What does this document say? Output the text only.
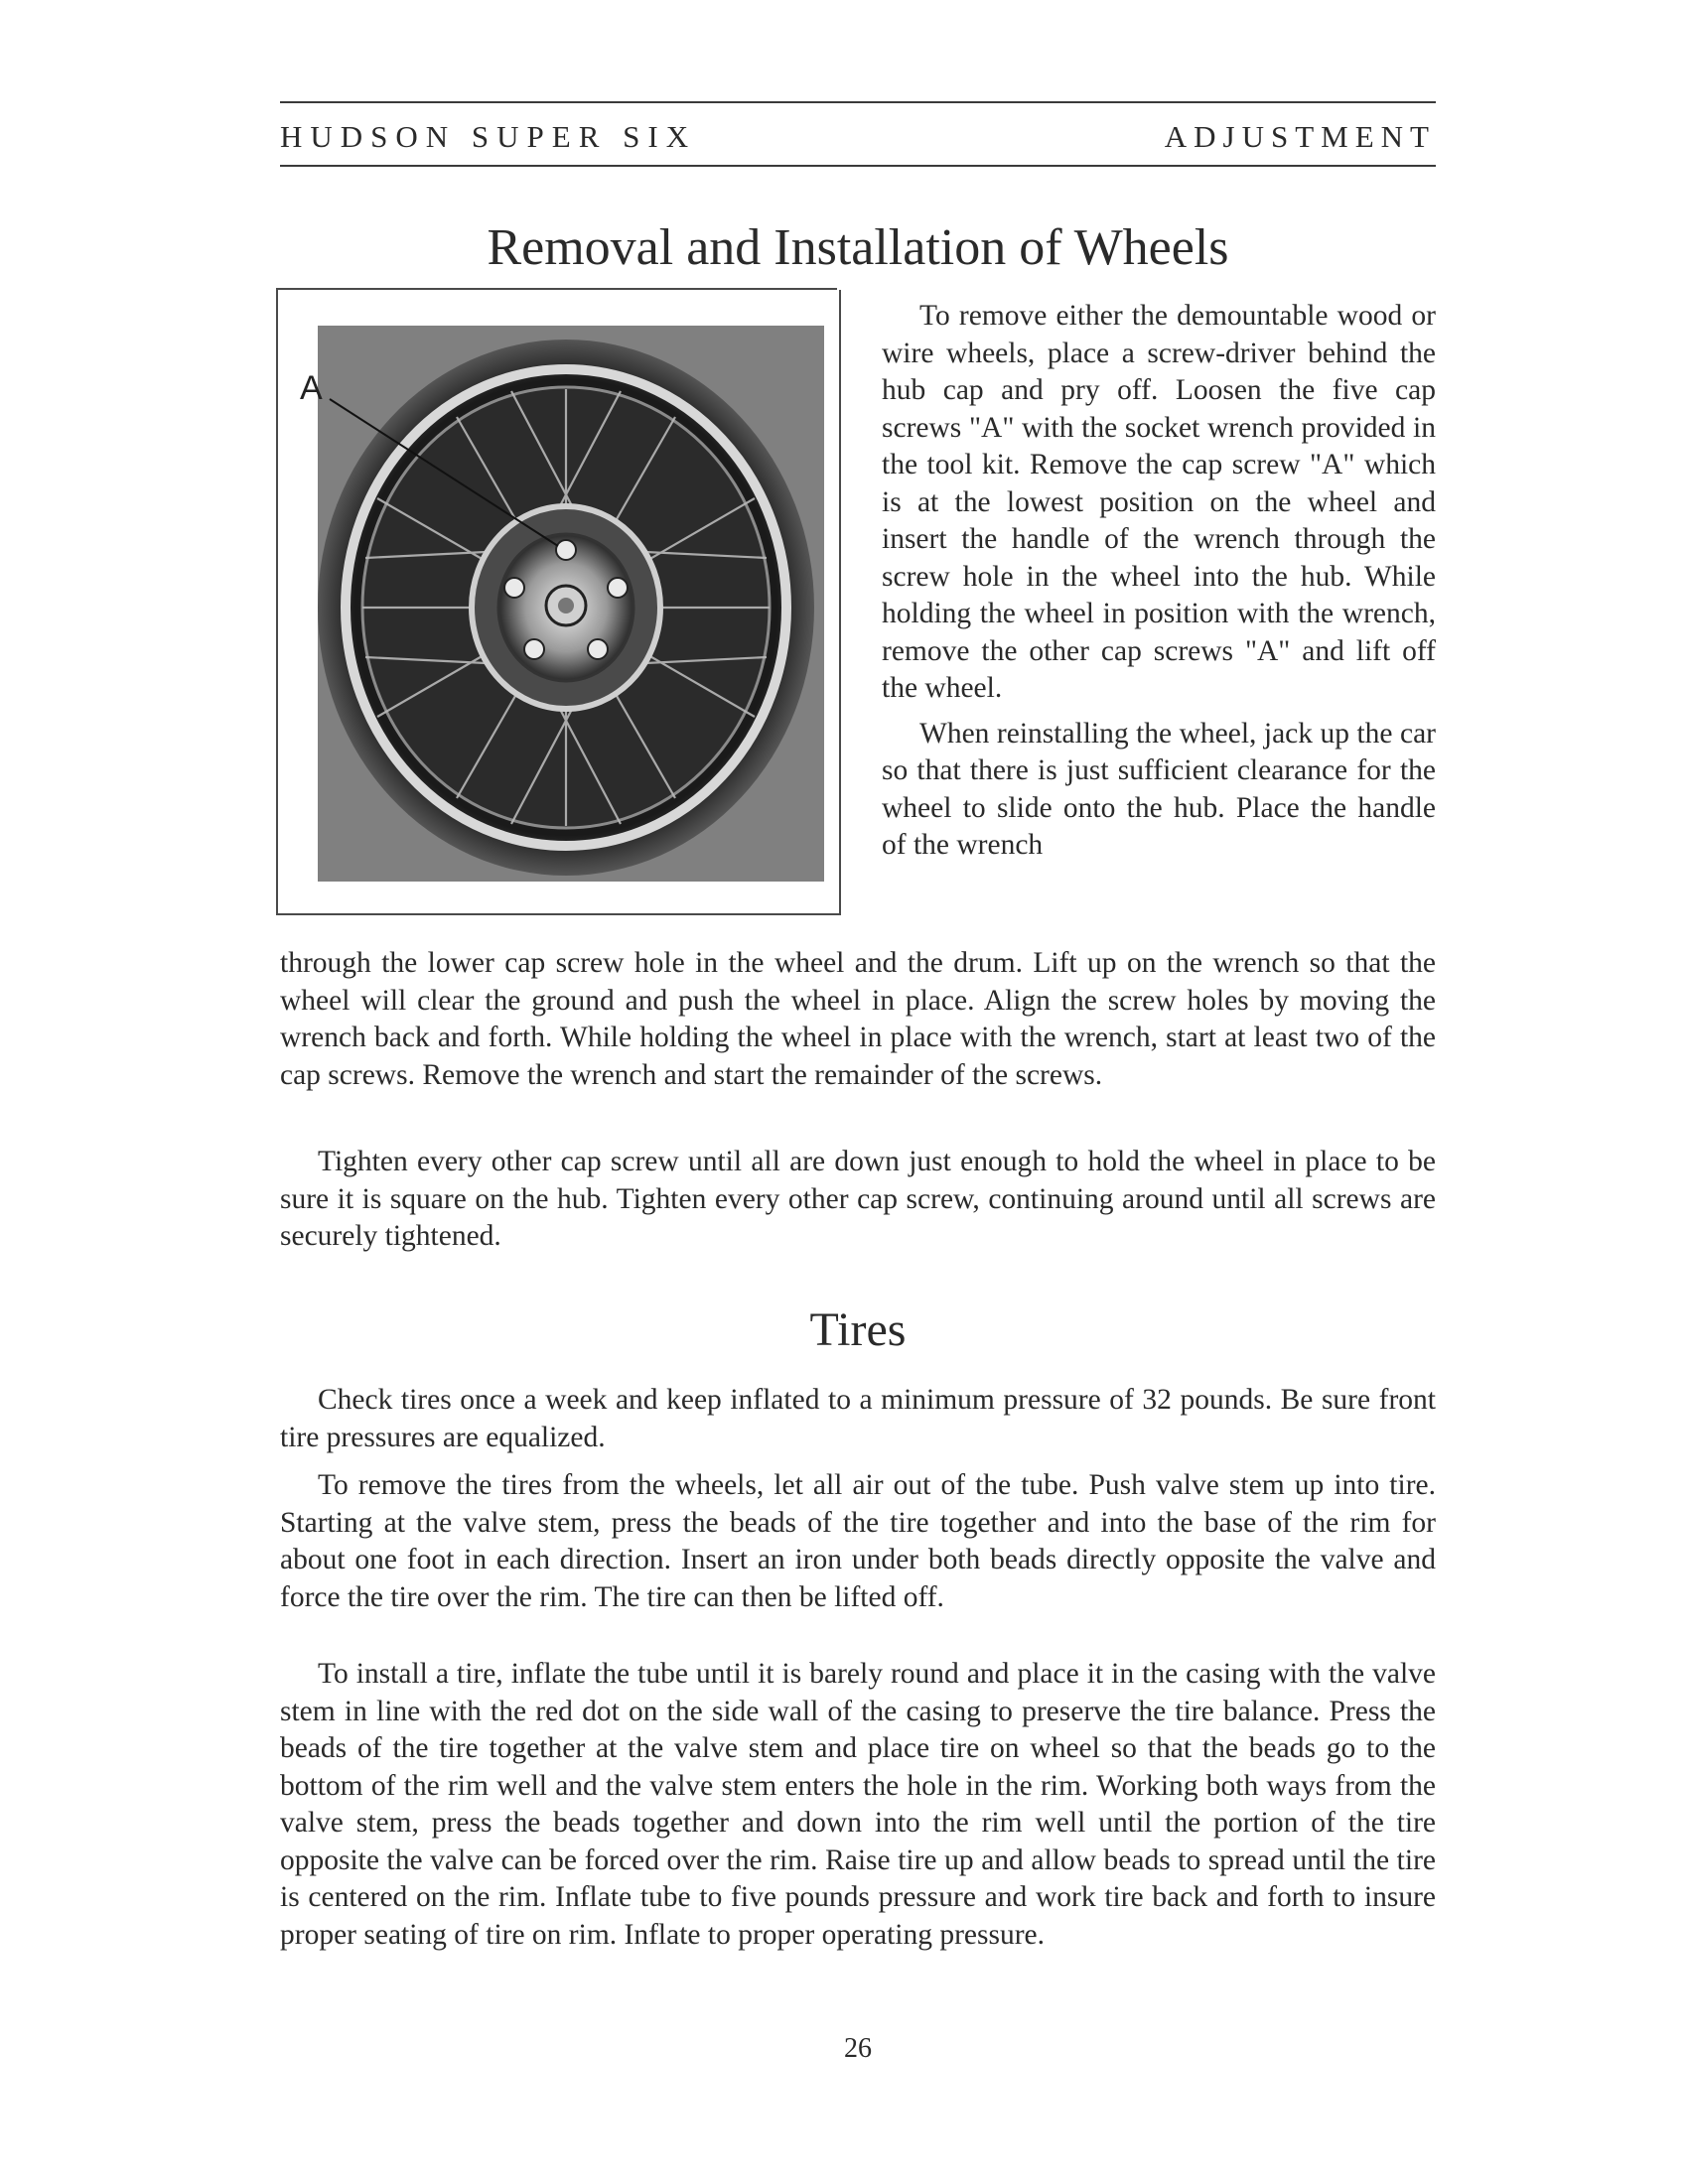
HUDSON SUPER SIX	ADJUSTMENT
Removal and Installation of Wheels
A

To remove either the demountable wood or wire wheels, place a screw-driver behind the hub cap and pry off. Loosen the five cap screws "A" with the socket wrench provided in the tool kit. Remove the cap screw "A" which is at the lowest position on the wheel and insert the handle of the wrench through the screw hole in the wheel into the hub. While holding the wheel in position with the wrench, remove the other cap screws "A" and lift off the wheel.

When reinstalling the wheel, jack up the car so that there is just sufficient clearance for the wheel to slide onto the hub. Place the handle of the wrench

through the lower cap screw hole in the wheel and the drum. Lift up on the wrench so that the wheel will clear the ground and push the wheel in place. Align the screw holes by moving the wrench back and forth. While holding the wheel in place with the wrench, start at least two of the cap screws. Remove the wrench and start the remainder of the screws.

Tighten every other cap screw until all are down just enough to hold the wheel in place to be sure it is square on the hub. Tighten every other cap screw, continuing around until all screws are securely tightened.

Tires

Check tires once a week and keep inflated to a minimum pressure of 32 pounds. Be sure front tire pressures are equalized.

To remove the tires from the wheels, let all air out of the tube. Push valve stem up into tire. Starting at the valve stem, press the beads of the tire together and into the base of the rim for about one foot in each direction. Insert an iron under both beads directly opposite the valve and force the tire over the rim. The tire can then be lifted off.

To install a tire, inflate the tube until it is barely round and place it in the casing with the valve stem in line with the red dot on the side wall of the casing to preserve the tire balance. Press the beads of the tire together at the valve stem and place tire on wheel so that the beads go to the bottom of the rim well and the valve stem enters the hole in the rim. Working both ways from the valve stem, press the beads together and down into the rim well until the portion of the tire opposite the valve can be forced over the rim. Raise tire up and allow beads to spread until the tire is centered on the rim. Inflate tube to five pounds pressure and work tire back and forth to insure proper seating of tire on rim. Inflate to proper operating pressure.

26
